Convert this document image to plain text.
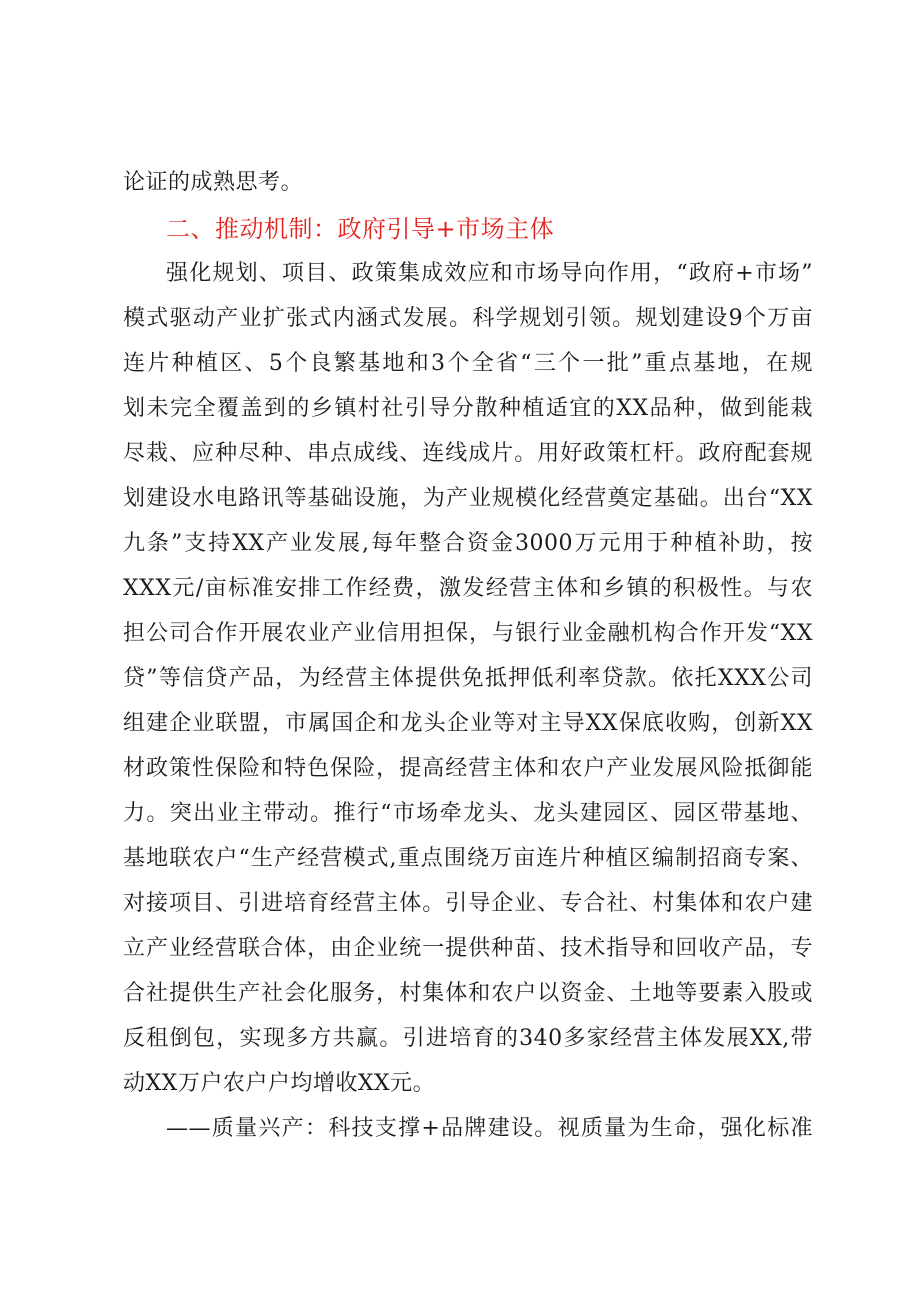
论证的成熟思考。
二、推动机制：政府引导+市场主体
强化规划、项目、政策集成效应和市场导向作用，“政府+市场”
模式驱动产业扩张式内涵式发展。科学规划引领。规划建设9个万亩
连片种植区、5个良繁基地和3个全省“三个一批”重点基地，在规
划未完全覆盖到的乡镇村社引导分散种植适宜的XX品种，做到能栽
尽栽、应种尽种、串点成线、连线成片。用好政策杠杆。政府配套规
划建设水电路讯等基础设施，为产业规模化经营奠定基础。出台“XX
九条”支持XX产业发展,每年整合资金3000万元用于种植补助，按
XXX元/亩标准安排工作经费，激发经营主体和乡镇的积极性。与农
担公司合作开展农业产业信用担保，与银行业金融机构合作开发“XX
贷”等信贷产品，为经营主体提供免抵押低利率贷款。依托XXX公司
组建企业联盟，市属国企和龙头企业等对主导XX保底收购，创新XX
材政策性保险和特色保险，提高经营主体和农户产业发展风险抵御能
力。突出业主带动。推行“市场牵龙头、龙头建园区、园区带基地、
基地联农户“生产经营模式,重点围绕万亩连片种植区编制招商专案、
对接项目、引进培育经营主体。引导企业、专合社、村集体和农户建
立产业经营联合体，由企业统一提供种苗、技术指导和回收产品，专
合社提供生产社会化服务，村集体和农户以资金、土地等要素入股或
反租倒包，实现多方共赢。引进培育的340多家经营主体发展XX,带
动XX万户农户户均增收XX元。
——质量兴产：科技支撑+品牌建设。视质量为生命，强化标准
